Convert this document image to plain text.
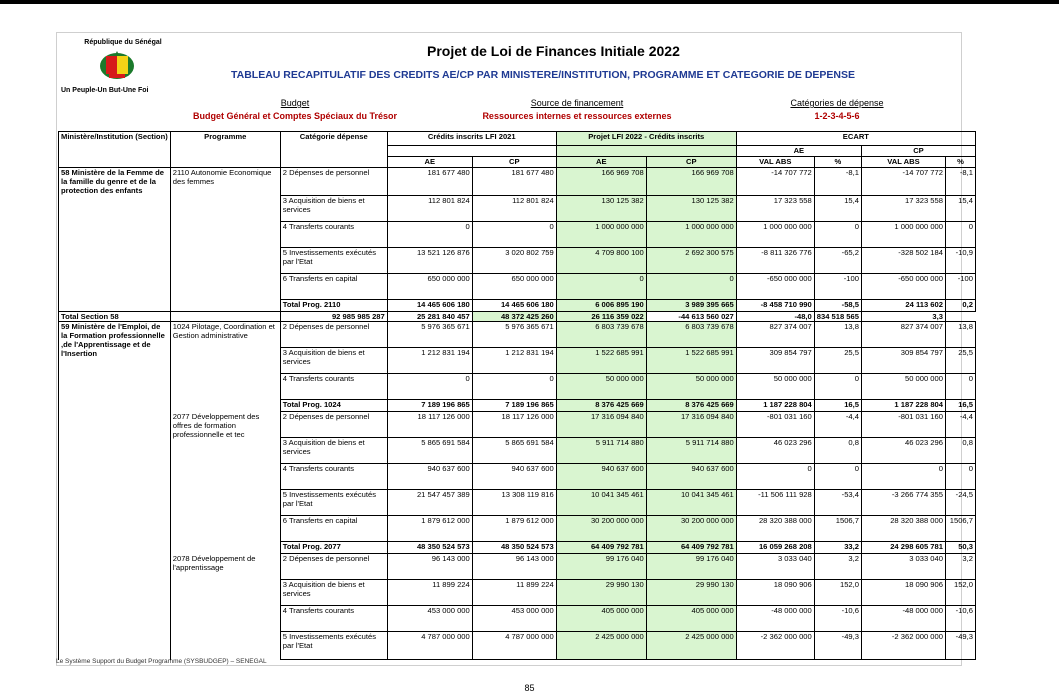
République du Sénégal
Un Peuple-Un But-Une Foi
Projet de Loi de Finances Initiale 2022
TABLEAU RECAPITULATIF DES CREDITS AE/CP PAR MINISTERE/INSTITUTION, PROGRAMME ET CATEGORIE DE DEPENSE
Budget
Budget Général et Comptes Spéciaux du Trésor
Source de financement
Ressources internes et ressources externes
Catégories de dépense
1-2-3-4-5-6
Ministère/Institution (Section)	Programme	Catégorie dépense	Crédits inscrits LFI 2021		Projet LFI 2022 - Crédits inscrits		ECART			
							AE		CP	
			AE	CP	AE	CP	VAL ABS	%	VAL ABS	%
58 Ministère de la Femme de la famille du genre et de la protection des enfants	2110 Autonomie Economique des femmes	2 Dépenses de personnel	181 677 480	181 677 480	166 969 708	166 969 708	-14 707 772	-8,1	-14 707 772	-8,1
		3 Acquisition de biens et services	112 801 824	112 801 824	130 125 382	130 125 382	17 323 558	15,4	17 323 558	15,4
		4 Transferts courants	0	0	1 000 000 000	1 000 000 000	1 000 000 000	0	1 000 000 000	0
		5 Investissements exécutés par l'Etat	13 521 126 876	3 020 802 759	4 709 800 100	2 692 300 575	-8 811 326 776	-65,2	-328 502 184	-10,9
		6 Transferts en capital	650 000 000	650 000 000	0	0	-650 000 000	-100	-650 000 000	-100
		Total Prog. 2110	14 465 606 180	14 465 606 180	6 006 895 190	3 989 395 665	-8 458 710 990	-58,5	24 113 602	0,2
Total Section 58		92 985 985 287	25 281 840 457	48 372 425 260	26 116 359 022	-44 613 560 027	-48,0	834 518 565	3,3	
59 Ministère de l'Emploi, de la Formation professionnelle ,de l'Apprentissage et de l'Insertion	1024 Pilotage, Coordination et Gestion administrative	2 Dépenses de personnel	5 976 365 671	5 976 365 671	6 803 739 678	6 803 739 678	827 374 007	13,8	827 374 007	13,8
		3 Acquisition de biens et services	1 212 831 194	1 212 831 194	1 522 685 991	1 522 685 991	309 854 797	25,5	309 854 797	25,5
		4 Transferts courants	0	0	50 000 000	50 000 000	50 000 000	0	50 000 000	0
		Total Prog. 1024	7 189 196 865	7 189 196 865	8 376 425 669	8 376 425 669	1 187 228 804	16,5	1 187 228 804	16,5
	2077 Développement des offres de formation professionnelle et tec	2 Dépenses de personnel	18 117 126 000	18 117 126 000	17 316 094 840	17 316 094 840	-801 031 160	-4,4	-801 031 160	-4,4
		3 Acquisition de biens et services	5 865 691 584	5 865 691 584	5 911 714 880	5 911 714 880	46 023 296	0,8	46 023 296	0,8
		4 Transferts courants	940 637 600	940 637 600	940 637 600	940 637 600	0	0	0	0
		5 Investissements exécutés par l'Etat	21 547 457 389	13 308 119 816	10 041 345 461	10 041 345 461	-11 506 111 928	-53,4	-3 266 774 355	-24,5
		6 Transferts en capital	1 879 612 000	1 879 612 000	30 200 000 000	30 200 000 000	28 320 388 000	1506,7	28 320 388 000	1506,7
		Total Prog. 2077	48 350 524 573	48 350 524 573	64 409 792 781	64 409 792 781	16 059 268 208	33,2	24 298 605 781	50,3
	2078 Développement de l'apprentissage	2 Dépenses de personnel	96 143 000	96 143 000	99 176 040	99 176 040	3 033 040	3,2	3 033 040	3,2
		3 Acquisition de biens et services	11 899 224	11 899 224	29 990 130	29 990 130	18 090 906	152,0	18 090 906	152,0
		4 Transferts courants	453 000 000	453 000 000	405 000 000	405 000 000	-48 000 000	-10,6	-48 000 000	-10,6
		5 Investissements exécutés par l'Etat	4 787 000 000	4 787 000 000	2 425 000 000	2 425 000 000	-2 362 000 000	-49,3	-2 362 000 000	-49,3
Le Système Support du Budget Programme (SYSBUDGEP) – SENEGAL
85
